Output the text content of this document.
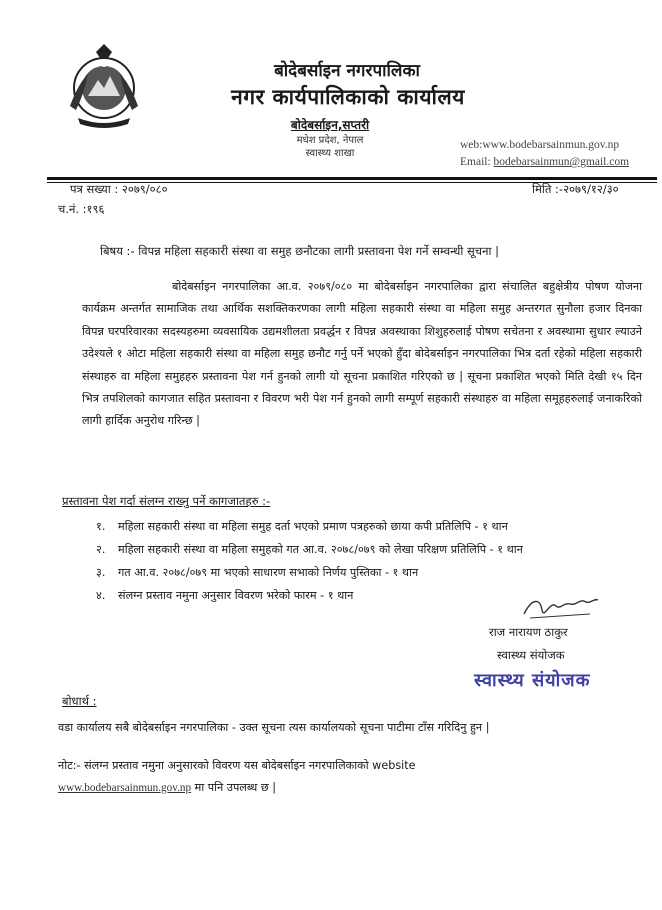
बोदेबर्साइन नगरपालिका
नगर कार्यपालिकाको कार्यालय
बोदेबर्साइन,सप्तरी
मधेश प्रदेश, नेपाल
स्वास्थ्य शाखा
web:www.bodebarsainmun.gov.np
Email: bodebarsainmun@gmail.com
पत्र सख्या : २०७९/०८०	मिति :-२०७९/१२/३०
च.नं. :१९६
बिषय :- विपन्न महिला सहकारी संस्था वा समुह छनौटका लागी प्रस्तावना पेश गर्ने सम्वन्धी सूचना |
बोदेबर्साइन नगरपालिका आ.व. २०७९/०८० मा बोदेबर्साइन नगरपालिका द्वारा संचालित बहुक्षेत्रीय पोषण योजना कार्यक्रम अन्तर्गत सामाजिक तथा आर्थिक सशक्तिकरणका लागी महिला सहकारी संस्था वा महिला समुह अन्तरगत सुनौला हजार दिनका विपन्न घरपरिवारका सदस्यहरुमा व्यवसायिक उद्यमशीलता प्रवर्द्धन र विपन्न अवस्थाका शिशुहरुलाई पोषण सचेतना र अवस्थामा सुधार ल्याउने उदेश्यले १ ओटा महिला सहकारी संस्था वा महिला समुह छनौट गर्नु पर्ने भएको हुँदा बोदेबर्साइन नगरपालिका भित्र दर्ता रहेको महिला सहकारी संस्थाहरु वा महिला समुहहरु प्रस्तावना पेश गर्न हुनको लागी यो सूचना प्रकाशित गरिएको छ | सूचना प्रकाशित भएको मिति देखी १५ दिन भित्र तपशिलको कागजात सहित प्रस्तावना र विवरण भरी पेश गर्न हुनको लागी सम्पूर्ण सहकारी संस्थाहरु वा महिला समूहहरुलाई जनाकरिको लागी हार्दिक अनुरोध गरिन्छ |
प्रस्तावना पेश गर्दा संलग्न राख्नु पर्ने कागजातहरु :-
१. महिला सहकारी संस्था वा महिला समुह दर्ता भएको प्रमाण पत्रहरुको छाया कपी प्रतिलिपि - १ थान
२. महिला सहकारी संस्था वा महिला समुहको गत आ.व. २०७८/०७९ को लेखा परिक्षण प्रतिलिपि - १ थान
३. गत आ.व. २०७८/०७९ मा भएको साधारण सभाको निर्णय पुस्तिका - १ थान
४. संलग्न प्रस्ताव नमुना अनुसार विवरण भरेको फारम - १ थान
राज नारायण ठाकुर
स्वास्थ्य संयोजक
स्वास्थ्य संयोजक
बोधार्थ :
वडा कार्यालय सबै बोदेबर्साइन नगरपालिका - उक्त सूचना त्यस कार्यालयको सूचना पाटीमा टाँस गरिदिनु हुन |
नोट:- संलग्न प्रस्ताव नमुना अनुसारको विवरण यस बोदेबर्साइन नगरपालिकाको website
www.bodebarsainmun.gov.np मा पनि उपलब्ध छ |
